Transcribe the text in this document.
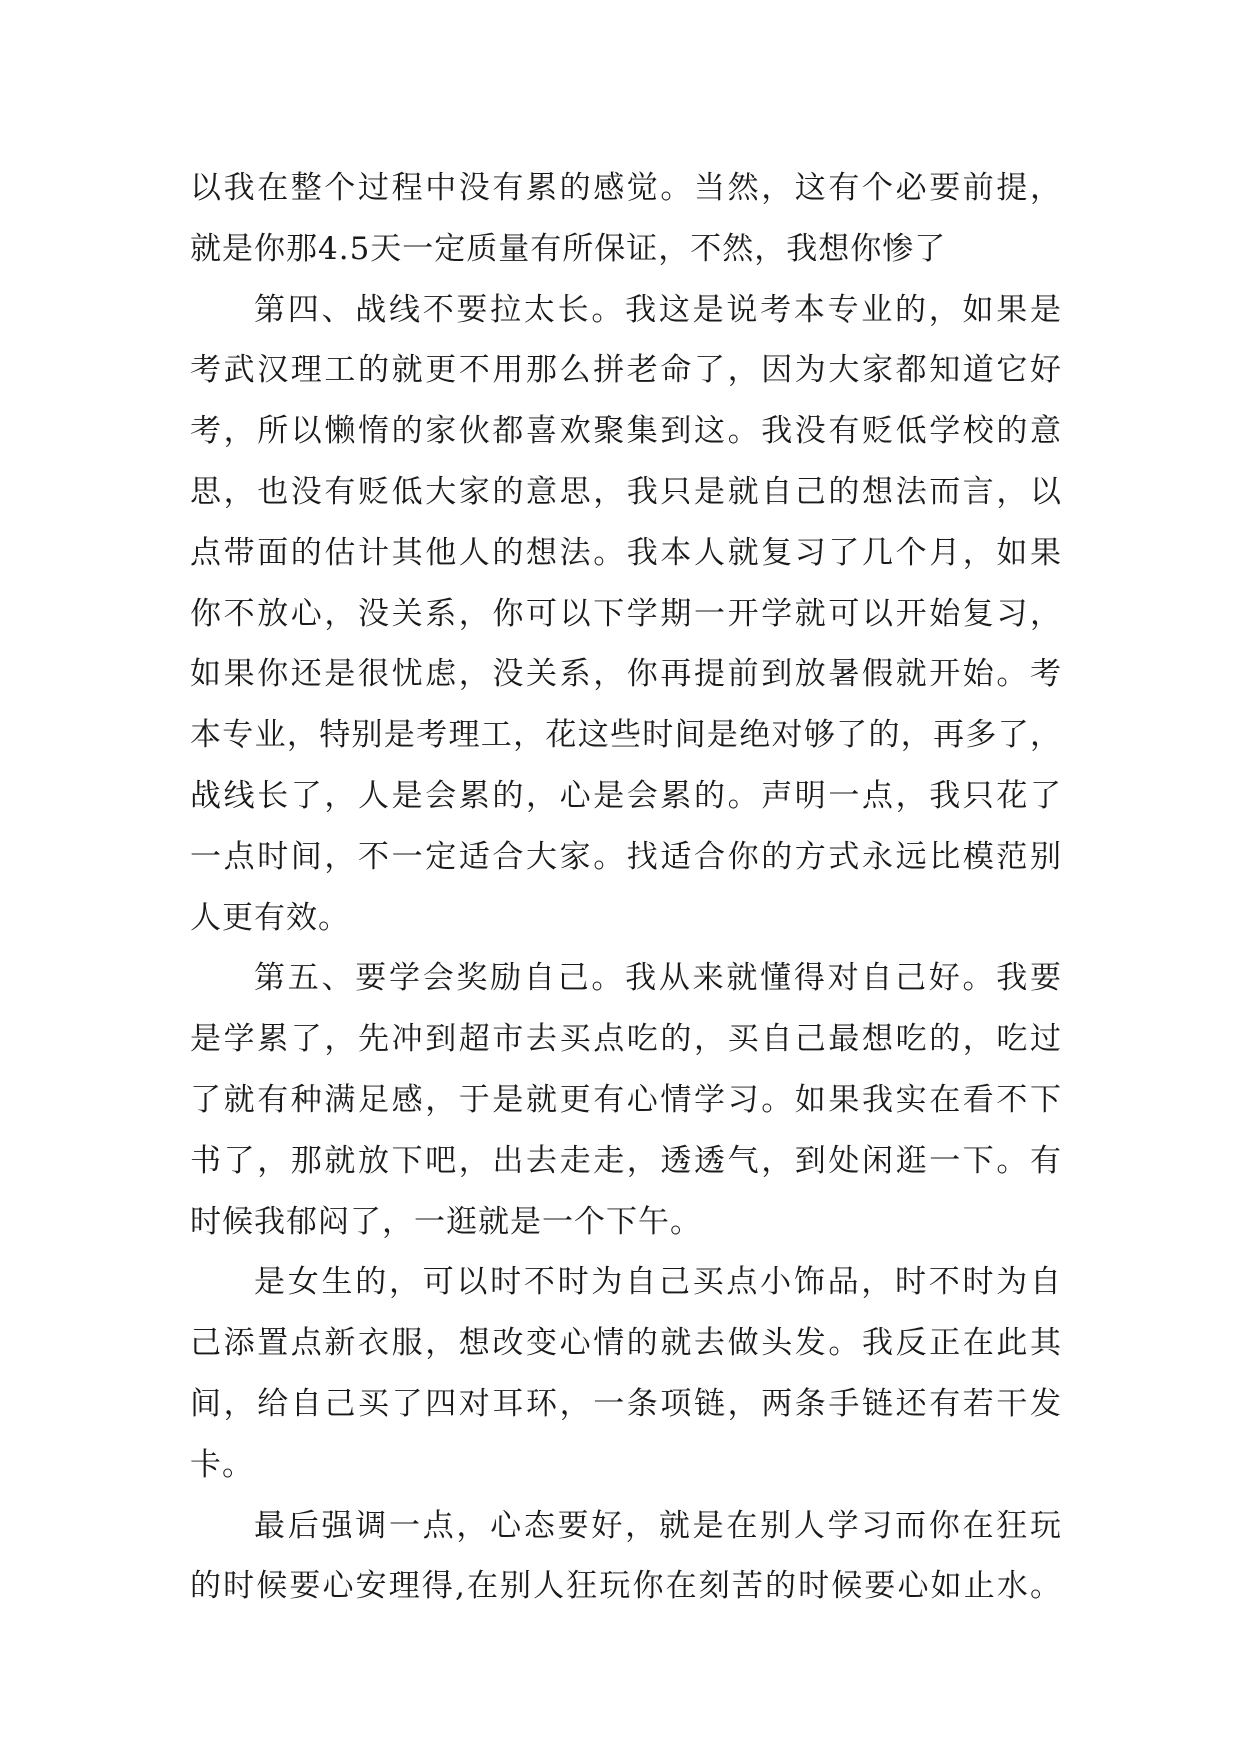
以我在整个过程中没有累的感觉。当然，这有个必要前提，
就是你那4.5天一定质量有所保证，不然，我想你惨了
第四、战线不要拉太长。我这是说考本专业的，如果是
考武汉理工的就更不用那么拼老命了，因为大家都知道它好
考，所以懒惰的家伙都喜欢聚集到这。我没有贬低学校的意
思，也没有贬低大家的意思，我只是就自己的想法而言，以
点带面的估计其他人的想法。我本人就复习了几个月，如果
你不放心，没关系，你可以下学期一开学就可以开始复习，
如果你还是很忧虑，没关系，你再提前到放暑假就开始。考
本专业，特别是考理工，花这些时间是绝对够了的，再多了，
战线长了，人是会累的，心是会累的。声明一点，我只花了
一点时间，不一定适合大家。找适合你的方式永远比模范别
人更有效。
第五、要学会奖励自己。我从来就懂得对自己好。我要
是学累了，先冲到超市去买点吃的，买自己最想吃的，吃过
了就有种满足感，于是就更有心情学习。如果我实在看不下
书了，那就放下吧，出去走走，透透气，到处闲逛一下。有
时候我郁闷了，一逛就是一个下午。
是女生的，可以时不时为自己买点小饰品，时不时为自
己添置点新衣服，想改变心情的就去做头发。我反正在此其
间，给自己买了四对耳环，一条项链，两条手链还有若干发
卡。
最后强调一点，心态要好，就是在别人学习而你在狂玩
的时候要心安理得,在别人狂玩你在刻苦的时候要心如止水。
